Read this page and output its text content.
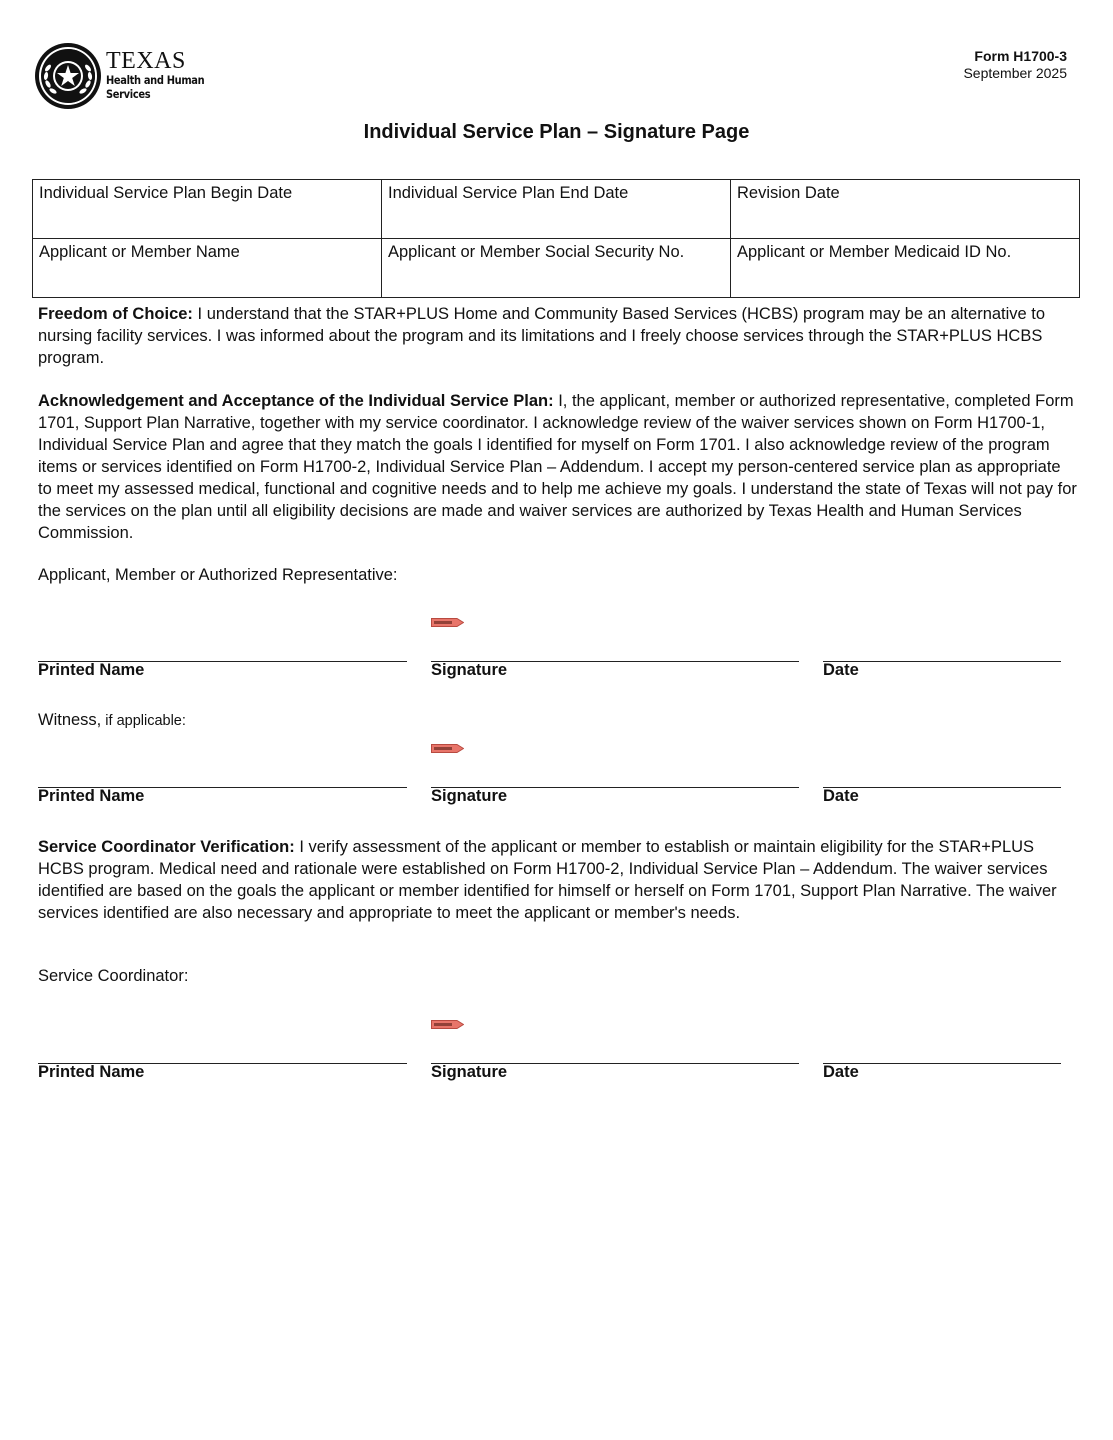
TEXAS
Health and Human
Services
Form H1700-3
September 2025
Individual Service Plan – Signature Page
Individual Service Plan Begin Date	Individual Service Plan End Date	Revision Date
Applicant or Member Name	Applicant or Member Social Security No.	Applicant or Member Medicaid ID No.

Freedom of Choice: I understand that the STAR+PLUS Home and Community Based Services (HCBS) program may be an alternative to nursing facility services. I was informed about the program and its limitations and I freely choose services through the STAR+PLUS HCBS program.

Acknowledgement and Acceptance of the Individual Service Plan: I, the applicant, member or authorized representative, completed Form 1701, Support Plan Narrative, together with my service coordinator. I acknowledge review of the waiver services shown on Form H1700-1, Individual Service Plan and agree that they match the goals I identified for myself on Form 1701. I also acknowledge review of the program items or services identified on Form H1700-2, Individual Service Plan – Addendum. I accept my person-centered service plan as appropriate to meet my assessed medical, functional and cognitive needs and to help me achieve my goals. I understand the state of Texas will not pay for the services on the plan until all eligibility decisions are made and waiver services are authorized by Texas Health and Human Services Commission.

Applicant, Member or Authorized Representative:
Printed Name	Signature	Date
Witness, if applicable:
Printed Name	Signature	Date

Service Coordinator Verification: I verify assessment of the applicant or member to establish or maintain eligibility for the STAR+PLUS HCBS program. Medical need and rationale were established on Form H1700-2, Individual Service Plan – Addendum. The waiver services identified are based on the goals the applicant or member identified for himself or herself on Form 1701, Support Plan Narrative. The waiver services identified are also necessary and appropriate to meet the applicant or member's needs.

Service Coordinator:
Printed Name	Signature	Date
